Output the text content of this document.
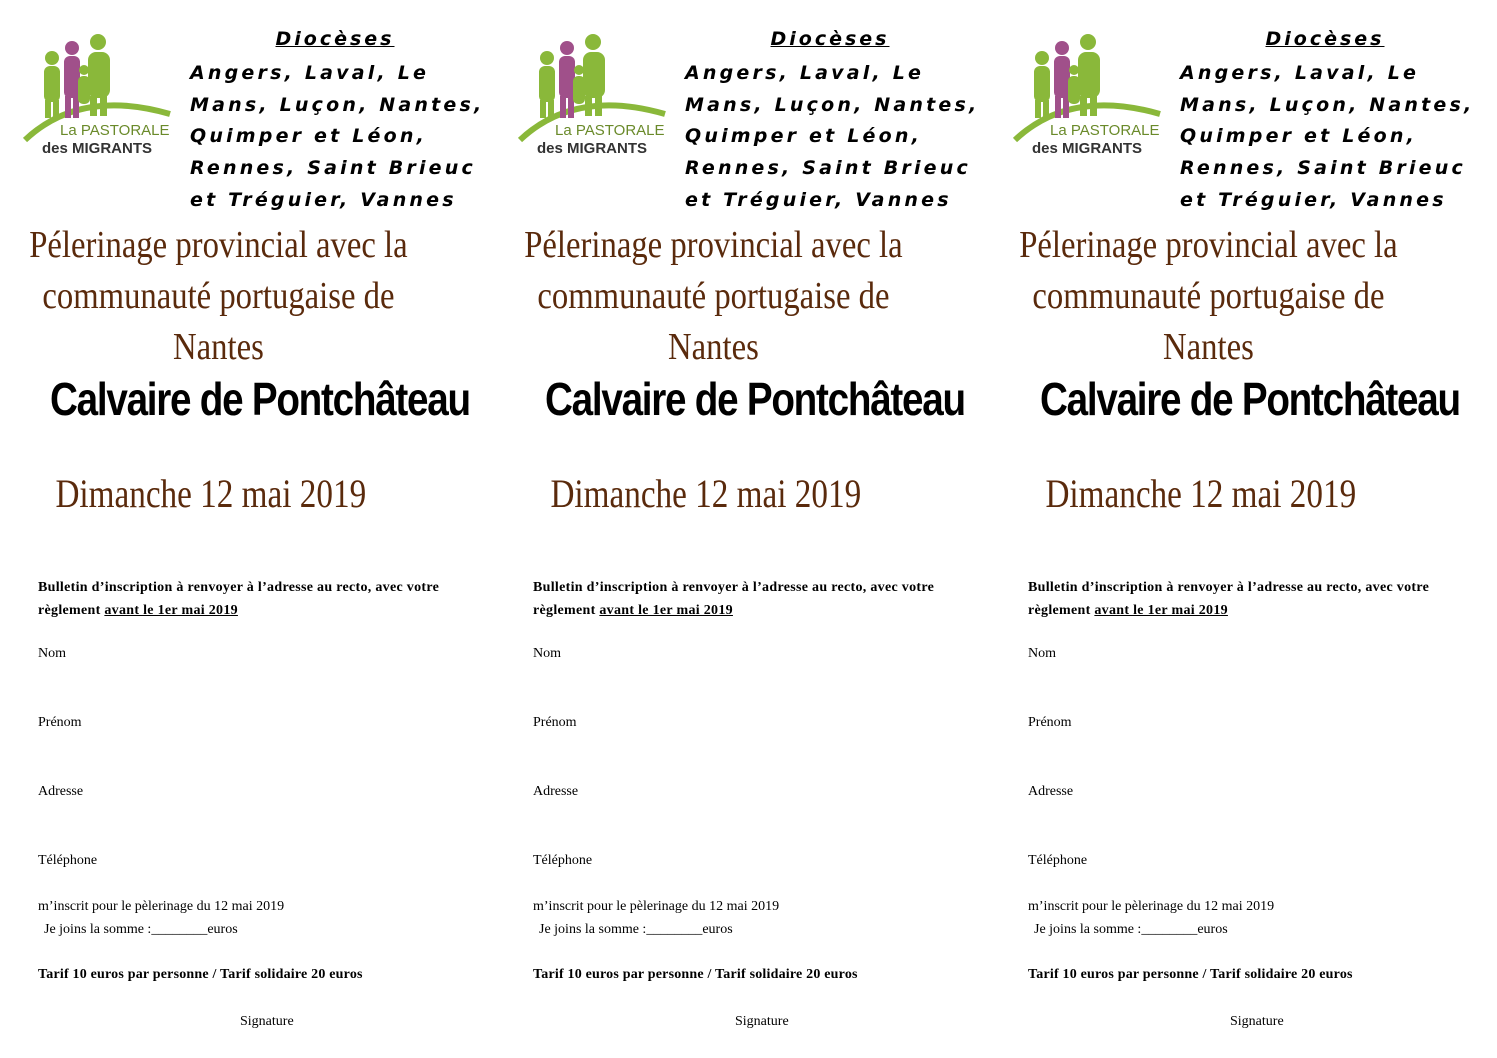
La PASTORALE
des MIGRANTS
Diocèses
Angers, Laval, Le
Mans, Luçon, Nantes,
Quimper et Léon,
Rennes, Saint Brieuc
et Tréguier, Vannes
Pélerinage provincial avec la
communauté portugaise de
Nantes
Calvaire de Pontchâteau
Dimanche 12 mai 2019
Bulletin d’inscription à renvoyer à l’adresse au recto, avec votre règlement avant le 1er mai 2019
Nom
Prénom
Adresse
Téléphone
m’inscrit pour le pèlerinage du 12 mai 2019
Je joins la somme :________euros
Tarif 10 euros par personne / Tarif solidaire 20 euros
Signature
La PASTORALE
des MIGRANTS
Diocèses
Angers, Laval, Le
Mans, Luçon, Nantes,
Quimper et Léon,
Rennes, Saint Brieuc
et Tréguier, Vannes
Pélerinage provincial avec la
communauté portugaise de
Nantes
Calvaire de Pontchâteau
Dimanche 12 mai 2019
Bulletin d’inscription à renvoyer à l’adresse au recto, avec votre règlement avant le 1er mai 2019
Nom
Prénom
Adresse
Téléphone
m’inscrit pour le pèlerinage du 12 mai 2019
Je joins la somme :________euros
Tarif 10 euros par personne / Tarif solidaire 20 euros
Signature
La PASTORALE
des MIGRANTS
Diocèses
Angers, Laval, Le
Mans, Luçon, Nantes,
Quimper et Léon,
Rennes, Saint Brieuc
et Tréguier, Vannes
Pélerinage provincial avec la
communauté portugaise de
Nantes
Calvaire de Pontchâteau
Dimanche 12 mai 2019
Bulletin d’inscription à renvoyer à l’adresse au recto, avec votre règlement avant le 1er mai 2019
Nom
Prénom
Adresse
Téléphone
m’inscrit pour le pèlerinage du 12 mai 2019
Je joins la somme :________euros
Tarif 10 euros par personne / Tarif solidaire 20 euros
Signature
